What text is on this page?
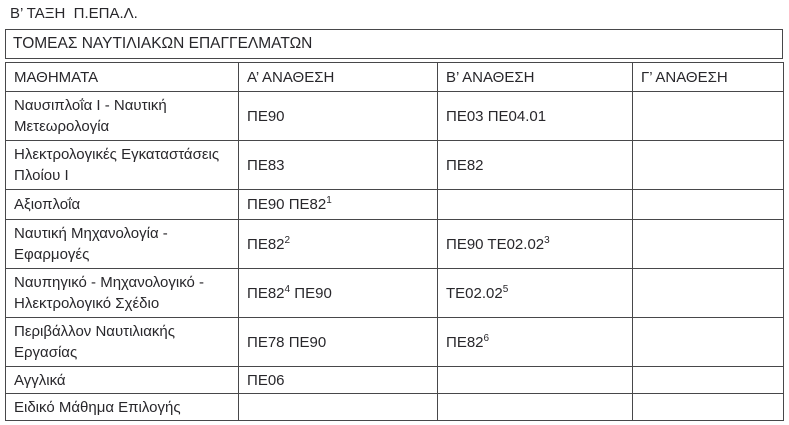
Β’ ΤΑΞΗ  Π.ΕΠΑ.Λ.
ΤΟΜΕΑΣ ΝΑΥΤΙΛΙΑΚΩΝ ΕΠΑΓΓΕΛΜΑΤΩΝ
ΜΑΘΗΜΑΤΑ	Α’ ΑΝΑΘΕΣΗ	Β’ ΑΝΑΘΕΣΗ	Γ’ ΑΝΑΘΕΣΗ
Ναυσιπλοΐα Ι - Ναυτική Μετεωρολογία	ΠΕ90	ΠΕ03 ΠΕ04.01	
Ηλεκτρολογικές Εγκαταστάσεις Πλοίου Ι	ΠΕ83	ΠΕ82	
Αξιοπλοΐα	ΠΕ90 ΠΕ82$^1$		
Ναυτική Μηχανολογία - Εφαρμογές	ΠΕ82$^2$	ΠΕ90 ΤΕ02.02$^3$	
Ναυπηγικό - Μηχανολογικό - Ηλεκτρολογικό Σχέδιο	ΠΕ82$^4$ ΠΕ90	ΤΕ02.02$^5$	
Περιβάλλον Ναυτιλιακής Εργασίας	ΠΕ78 ΠΕ90	ΠΕ82$^6$	
Αγγλικά	ΠΕ06		
Ειδικό Μάθημα Επιλογής			
